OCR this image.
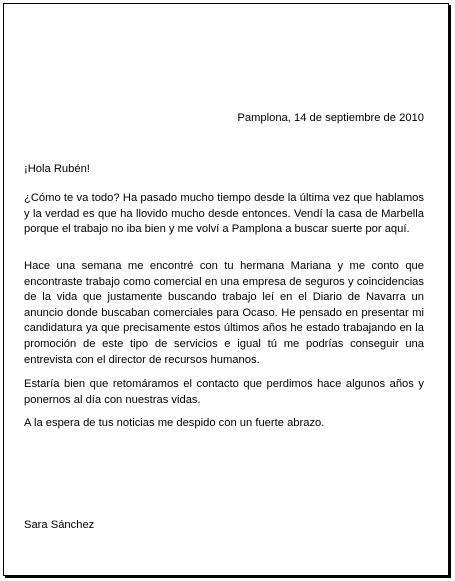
Pamplona, 14 de septiembre de 2010

¡Hola Rubén!

¿Cómo te va todo? Ha pasado mucho tiempo desde la última vez que hablamos y la verdad es que ha llovido mucho desde entonces. Vendí la casa de Marbella porque el trabajo no iba bien y me volví a Pamplona a buscar suerte por aquí.

Hace una semana me encontré con tu hermana Mariana y me conto que encontraste trabajo como comercial en una empresa de seguros y coincidencias de la vida que justamente buscando trabajo leí en el Diario de Navarra un anuncio donde buscaban comerciales para Ocaso. He pensado en presentar mi candidatura ya que precisamente estos últimos años he estado trabajando en la promoción de este tipo de servicios e igual tú me podrías conseguir una entrevista con el director de recursos humanos.

Estaría bien que retomáramos el contacto que perdimos hace algunos años y ponernos al día con nuestras vidas.

A la espera de tus noticias me despido con un fuerte abrazo.

Sara Sánchez
